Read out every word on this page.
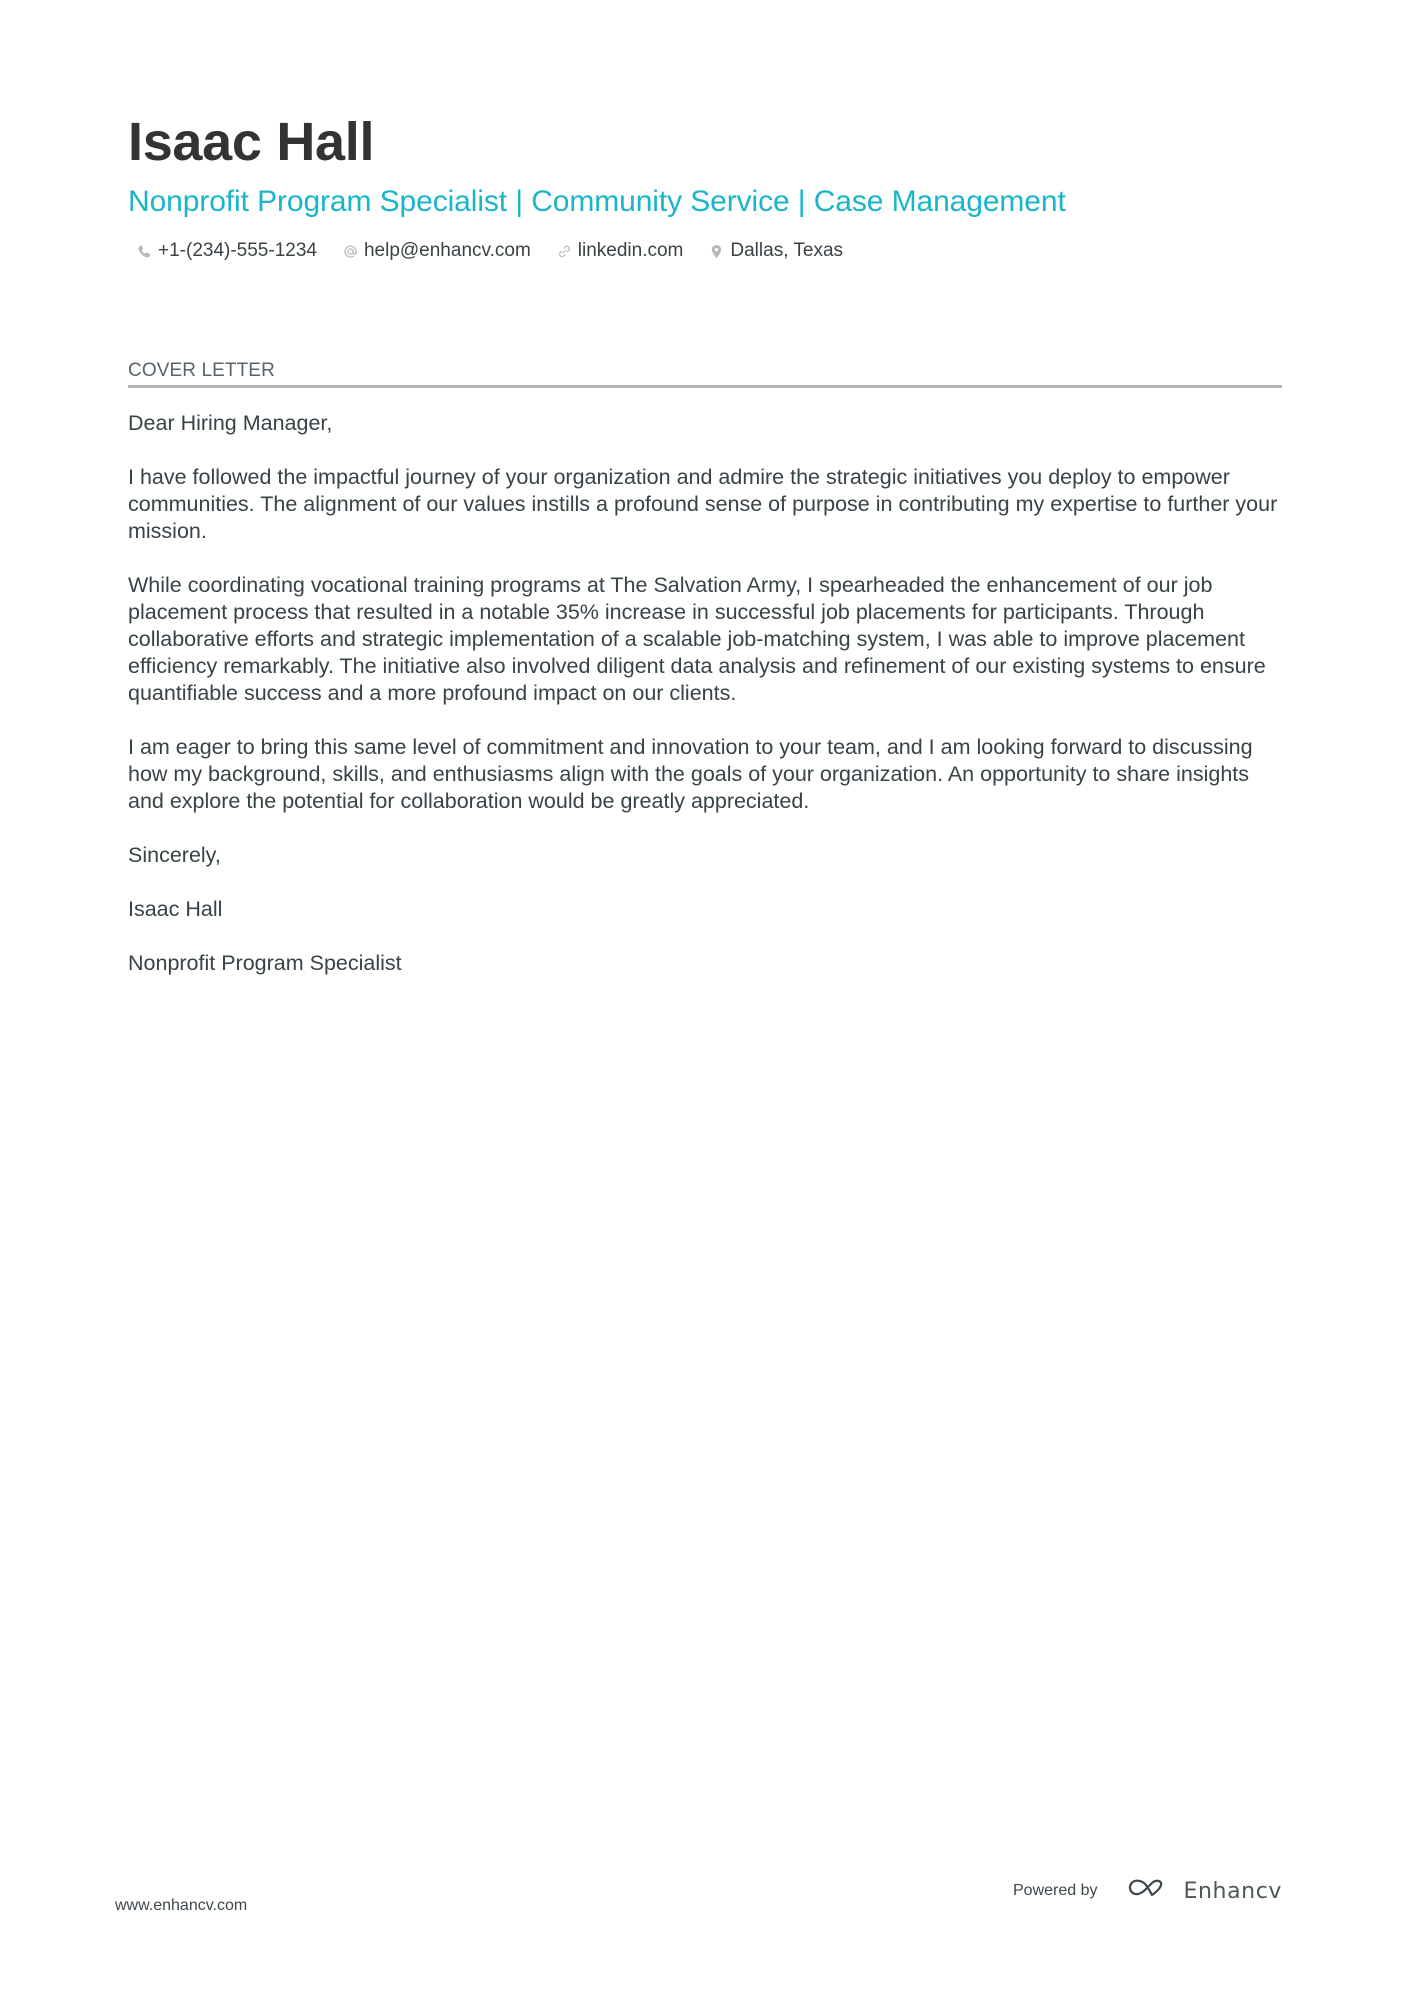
Isaac Hall
Nonprofit Program Specialist | Community Service | Case Management
+1-(234)-555-1234 help@enhancv.com linkedin.com Dallas, Texas
COVER LETTER

Dear Hiring Manager,

I have followed the impactful journey of your organization and admire the strategic initiatives you deploy to empower communities. The alignment of our values instills a profound sense of purpose in contributing my expertise to further your mission.

While coordinating vocational training programs at The Salvation Army, I spearheaded the enhancement of our job placement process that resulted in a notable 35% increase in successful job placements for participants. Through collaborative efforts and strategic implementation of a scalable job-matching system, I was able to improve placement efficiency remarkably. The initiative also involved diligent data analysis and refinement of our existing systems to ensure quantifiable success and a more profound impact on our clients.

I am eager to bring this same level of commitment and innovation to your team, and I am looking forward to discussing how my background, skills, and enthusiasms align with the goals of your organization. An opportunity to share insights and explore the potential for collaboration would be greatly appreciated.

Sincerely,

Isaac Hall

Nonprofit Program Specialist

www.enhancv.com
Powered by	Enhancv
